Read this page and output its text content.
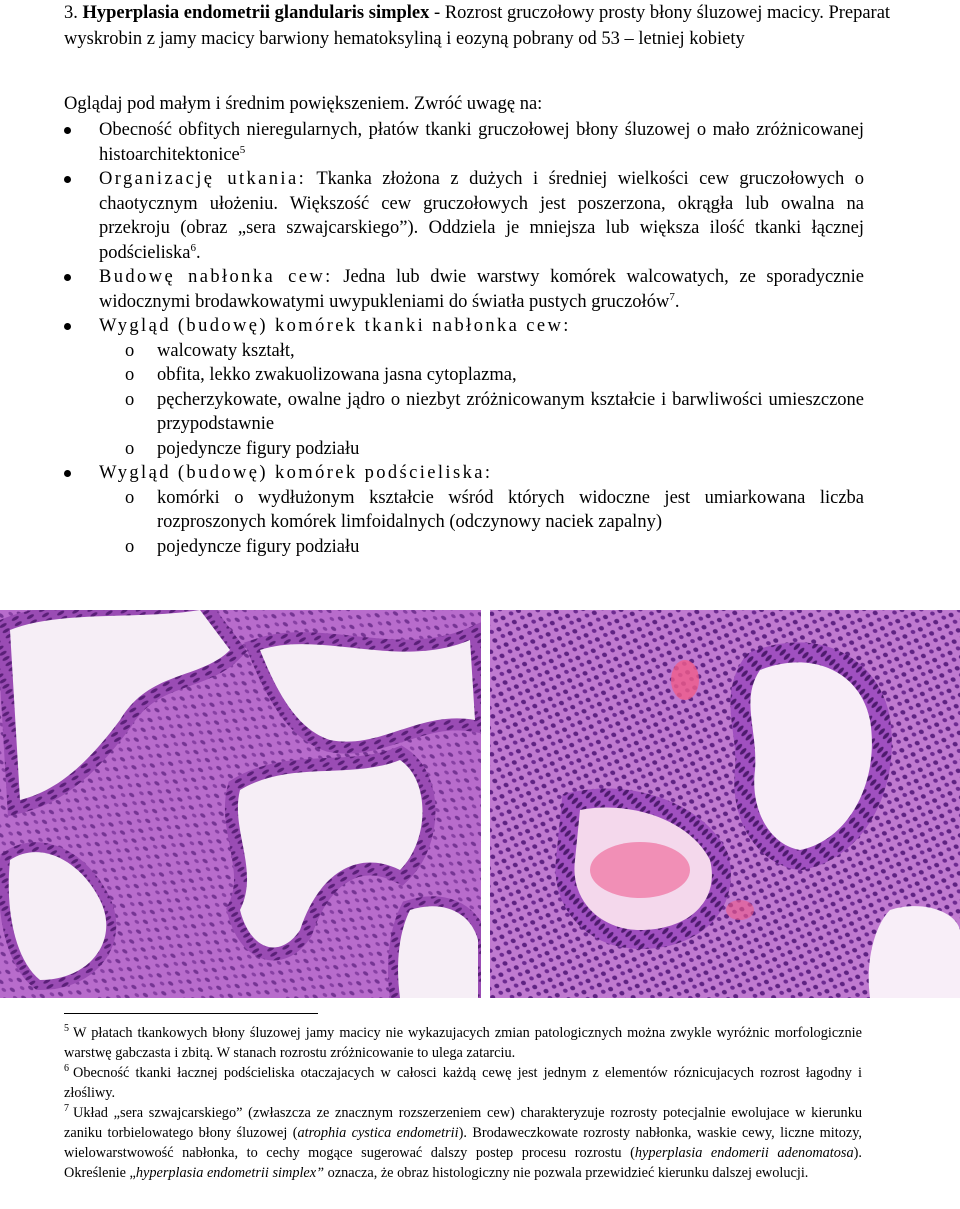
3. Hyperplasia endometrii glandularis simplex - Rozrost gruczołowy prosty błony śluzowej macicy. Preparat wyskrobin z jamy macicy barwiony hematoksyliną i eozyną pobrany od 53 – letniej kobiety
Oglądaj pod małym i średnim powiększeniem. Zwróć uwagę na:
Obecność obfitych nieregularnych, płatów tkanki gruczołowej błony śluzowej o mało zróżnicowanej histoarchitektonice$^5$
Organizację utkania: Tkanka złożona z dużych i średniej wielkości cew gruczołowych o chaotycznym ułożeniu. Większość cew gruczołowych jest poszerzona, okrągła lub owalna na przekroju (obraz „sera szwajcarskiego”). Oddziela je mniejsza lub większa ilość tkanki łącznej podścieliska$^6$.
Budowę nabłonka cew: Jedna lub dwie warstwy komórek walcowatych, ze sporadycznie widocznymi brodawkowatymi uwypukleniami do światła pustych gruczołów$^7$.
Wygląd (budowę) komórek tkanki nabłonka cew:
o walcowaty kształt,
o obfita, lekko zwakuolizowana jasna cytoplazma,
o pęcherzykowate, owalne jądro o niezbyt zróżnicowanym kształcie i barwliwości umieszczone przypodstawnie
o pojedyncze figury podziału
Wygląd (budowę) komórek podścieliska:
o komórki o wydłużonym kształcie wśród których widoczne jest umiarkowana liczba rozproszonych komórek limfoidalnych (odczynowy naciek zapalny)
o pojedyncze figury podziału

$^5$ W płatach tkankowych błony śluzowej jamy macicy nie wykazujacych zmian patologicznych można zwykle wyróżnic morfologicznie warstwę gabczasta i zbitą. W stanach rozrostu zróżnicowanie to ulega zatarciu.

$^6$ Obecność tkanki łacznej podścieliska otaczajacych w całosci każdą cewę jest jednym z elementów róznicujacych rozrost łagodny i złośliwy.

$^7$ Układ „sera szwajcarskiego” (zwłaszcza ze znacznym rozszerzeniem cew) charakteryzuje rozrosty potecjalnie ewolujace w kierunku zaniku torbielowatego błony śluzowej (atrophia cystica endometrii). Brodaweczkowate rozrosty nabłonka, waskie cewy, liczne mitozy, wielowarstwowość nabłonka, to cechy mogące sugerować dalszy postep procesu rozrostu (hyperplasia endomerii adenomatosa). Określenie „hyperplasia endometrii simplex” oznacza, że obraz histologiczny nie pozwala przewidzieć kierunku dalszej ewolucji.
